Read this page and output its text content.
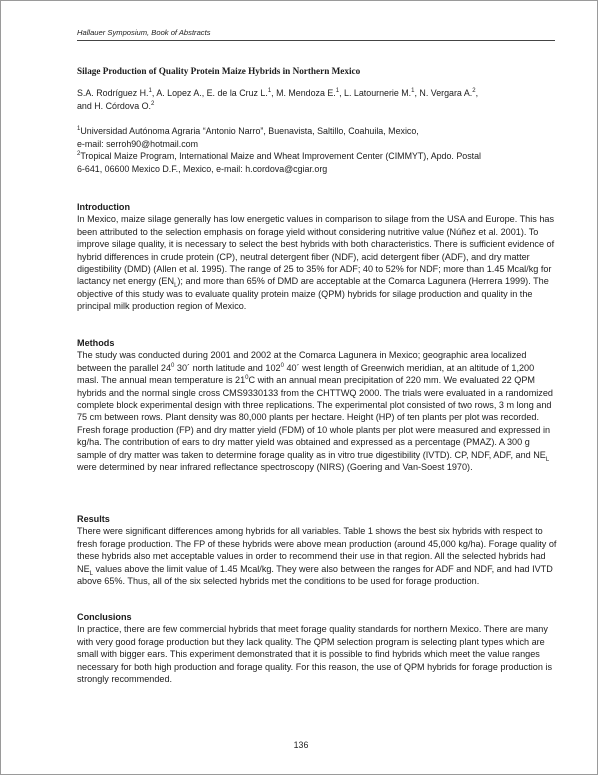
Hallauer Symposium, Book of Abstracts
Silage Production of Quality Protein Maize Hybrids in Northern Mexico
S.A. Rodríguez H.$^1$, A. Lopez A., E. de la Cruz L.$^1$, M. Mendoza E.$^1$, L. Latournerie M.$^1$, N. Vergara A.$^2$,
and H. Córdova O.$^2$

$^1$Universidad Autónoma Agraria “Antonio Narro”, Buenavista, Saltillo, Coahuila, Mexico,

e-mail: serroh90@hotmail.com

$^2$Tropical Maize Program, International Maize and Wheat Improvement Center (CIMMYT), Apdo. Postal

6-641, 06600 Mexico D.F., Mexico, e-mail: h.cordova@cgiar.org

Introduction

In Mexico, maize silage generally has low energetic values in comparison to silage from the USA and Europe. This has been attributed to the selection emphasis on forage yield without considering nutritive value (Núñez et al. 2001). To improve silage quality, it is necessary to select the best hybrids with both characteristics. There is sufficient evidence of hybrid differences in crude protein (CP), neutral detergent fiber (NDF), acid detergent fiber (ADF), and dry matter digestibility (DMD) (Allen et al. 1995). The range of 25 to 35% for ADF; 40 to 52% for NDF; more than 1.45 Mcal/kg for lactancy net energy $(EN_L)$; and more than 65% of DMD are acceptable at the Comarca Lagunera (Herrera 1999). The objective of this study was to evaluate quality protein maize (QPM) hybrids for silage production and quality in the principal milk production region of Mexico.

Methods

The study was conducted during 2001 and 2002 at the Comarca Lagunera in Mexico; geographic area localized between the parallel $24^0$ 30´ north latitude and $102^0$ 40´ west length of Greenwich meridian, at an altitude of 1,200 masl. The annual mean temperature is $21^0C$ with an annual mean precipitation of 220 mm. We evaluated 22 QPM hybrids and the normal single cross CMS9330133 from the CHTTWQ 2000. The trials were evaluated in a randomized complete block experimental design with three replications. The experimental plot consisted of two rows, 3 m long and 75 cm between rows. Plant density was 80,000 plants per hectare. Height (HP) of ten plants per plot was recorded. Fresh forage production (FP) and dry matter yield (FDM) of 10 whole plants per plot were measured and expressed in kg/ha. The contribution of ears to dry matter yield was obtained and expressed as a percentage (PMAZ). A 300 g sample of dry matter was taken to determine forage quality as in vitro true digestibility (IVTD). CP, NDF, ADF, and $NE_L$ were determined by near infrared reflectance spectroscopy (NIRS) (Goering and Van-Soest 1970).

Results

There were significant differences among hybrids for all variables. Table 1 shows the best six hybrids with respect to fresh forage production. The FP of these hybrids were above mean production (around 45,000 kg/ha). Forage quality of these hybrids also met acceptable values in order to recommend their use in that region. All the selected hybrids had $NE_L$ values above the limit value of 1.45 Mcal/kg. They were also between the ranges for ADF and NDF, and had IVTD above 65%. Thus, all of the six selected hybrids met the conditions to be used for forage production.

Conclusions

In practice, there are few commercial hybrids that meet forage quality standards for northern Mexico. There are many with very good forage production but they lack quality. The QPM selection program is selecting plant types which are small with bigger ears. This experiment demonstrated that it is possible to find hybrids which meet the value ranges necessary for both high production and forage quality. For this reason, the use of QPM hybrids for forage production is strongly recommended.

136
